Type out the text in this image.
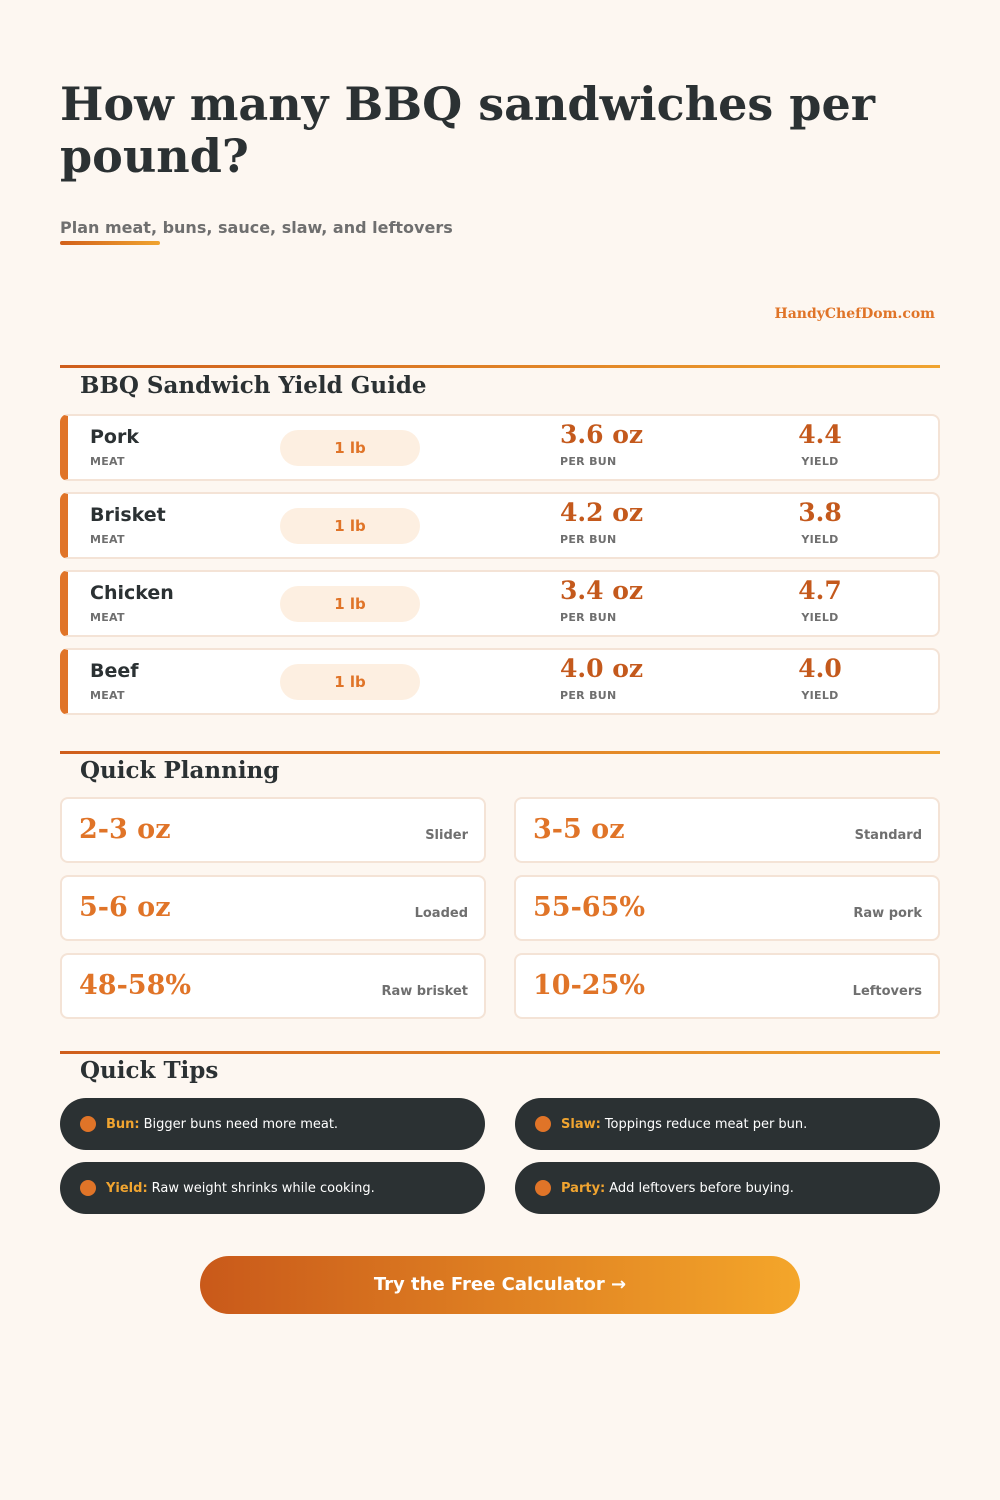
How many BBQ sandwiches per pound?
Plan meat, buns, sauce, slaw, and leftovers
HandyChefDom.com
BBQ Sandwich Yield Guide
Pork
MEAT
1 lb	3.6 oz
PER BUN
4.4
YIELD
Brisket
MEAT
1 lb	4.2 oz
PER BUN
3.8
YIELD
Chicken
MEAT
1 lb	3.4 oz
PER BUN
4.7
YIELD
Beef
MEAT
1 lb	4.0 oz
PER BUN
4.0
YIELD
Quick Planning
2-3 oz	Slider 3-5 oz	Standard
5-6 oz	Loaded 55-65%	Raw pork
48-58%	Raw brisket 10-25%	Leftovers
Quick Tips
Bun: Bigger buns need more meat.	Slaw: Toppings reduce meat per bun.
Yield: Raw weight shrinks while cooking.	Party: Add leftovers before buying.
Try the Free Calculator →
